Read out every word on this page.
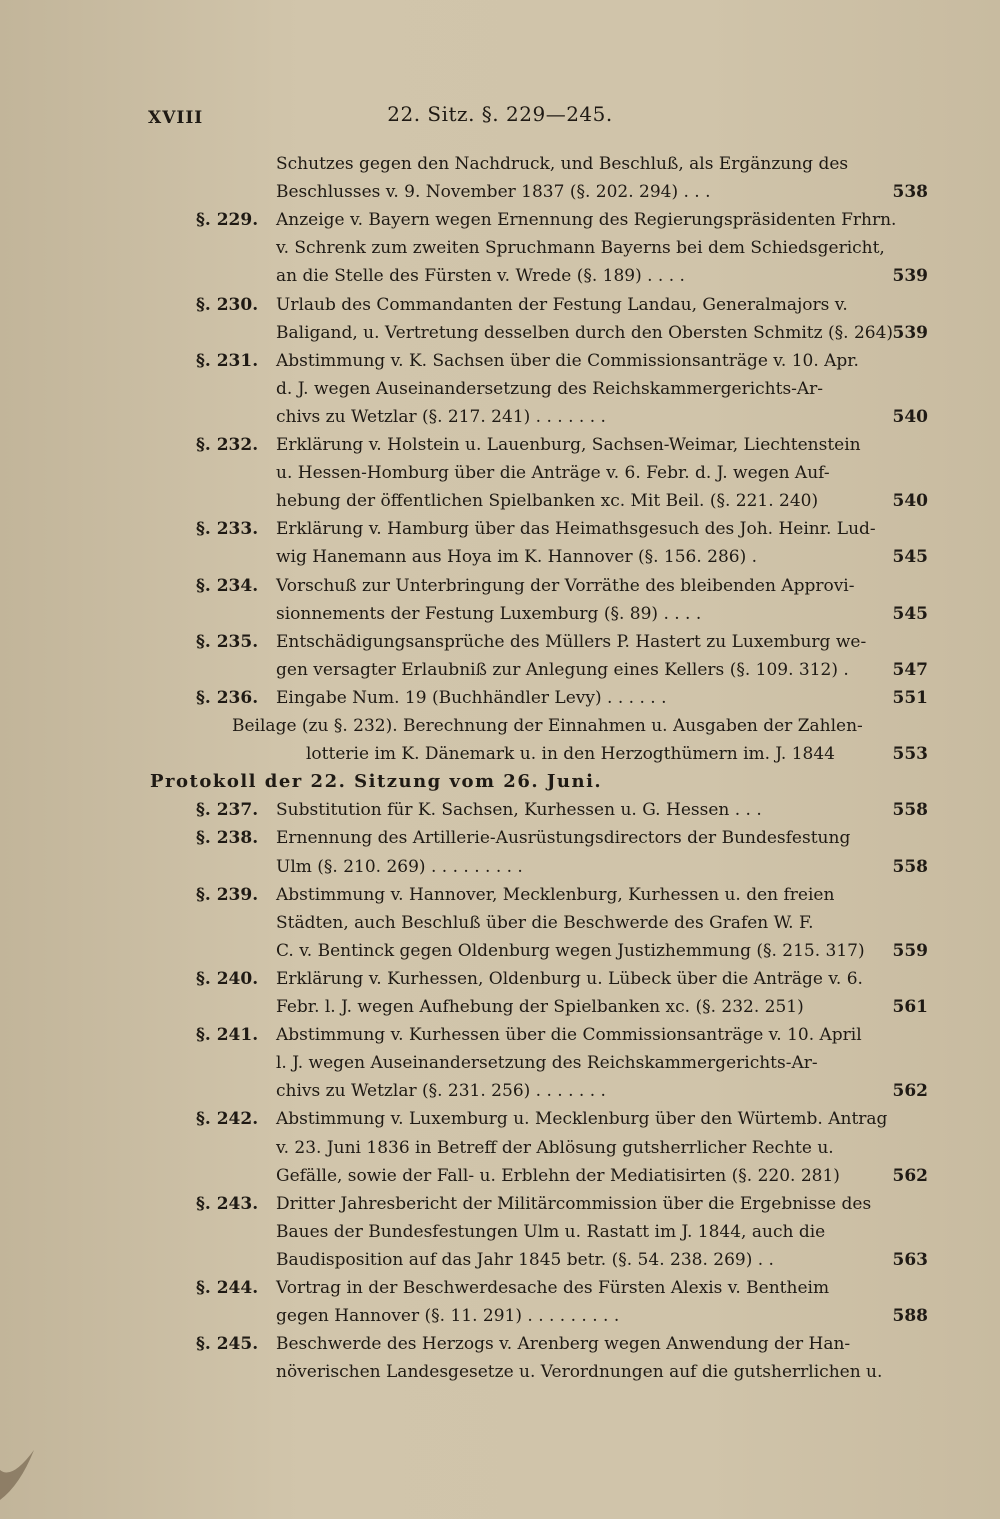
XVIII	22. Sitz. §. 229—245.
Schutzes gegen den Nachdruck, und Beschluß, als Ergänzung des
Beschlusses v. 9. November 1837 (§. 202. 294) . . .	538
§. 229. Anzeige v. Bayern wegen Ernennung des Regierungspräsidenten Frhrn.
v. Schrenk zum zweiten Spruchmann Bayerns bei dem Schiedsgericht,
an die Stelle des Fürsten v. Wrede (§. 189) . . . .	539
§. 230. Urlaub des Commandanten der Festung Landau, Generalmajors v.
Baligand, u. Vertretung desselben durch den Obersten Schmitz (§. 264) 539
§. 231. Abstimmung v. K. Sachsen über die Commissionsanträge v. 10. Apr.
d. J. wegen Auseinandersetzung des Reichskammergerichts-Ar-
chivs zu Wetzlar (§. 217. 241) . . . . . . .	540
§. 232. Erklärung v. Holstein u. Lauenburg, Sachsen-Weimar, Liechtenstein
u. Hessen-Homburg über die Anträge v. 6. Febr. d. J. wegen Auf-
hebung der öffentlichen Spielbanken xc. Mit Beil. (§. 221. 240)	540
§. 233. Erklärung v. Hamburg über das Heimathsgesuch des Joh. Heinr. Lud-
wig Hanemann aus Hoya im K. Hannover (§. 156. 286) .	545
§. 234. Vorschuß zur Unterbringung der Vorräthe des bleibenden Approvi-
sionnements der Festung Luxemburg (§. 89) . . . .	545
§. 235. Entschädigungsansprüche des Müllers P. Hastert zu Luxemburg we-
gen versagter Erlaubniß zur Anlegung eines Kellers (§. 109. 312) .	547
§. 236. Eingabe Num. 19 (Buchhändler Levy) . . . . . .	551
Beilage (zu §. 232). Berechnung der Einnahmen u. Ausgaben der Zahlen-
lotterie im K. Dänemark u. in den Herzogthümern im. J. 1844	553
Protokoll der 22. Sitzung vom 26. Juni.
§. 237. Substitution für K. Sachsen, Kurhessen u. G. Hessen . . .	558
§. 238. Ernennung des Artillerie-Ausrüstungsdirectors der Bundesfestung
Ulm (§. 210. 269) . . . . . . . . .	558
§. 239. Abstimmung v. Hannover, Mecklenburg, Kurhessen u. den freien
Städten, auch Beschluß über die Beschwerde des Grafen W. F.
C. v. Bentinck gegen Oldenburg wegen Justizhemmung (§. 215. 317)	559
§. 240. Erklärung v. Kurhessen, Oldenburg u. Lübeck über die Anträge v. 6.
Febr. l. J. wegen Aufhebung der Spielbanken xc. (§. 232. 251)	561
§. 241. Abstimmung v. Kurhessen über die Commissionsanträge v. 10. April
l. J. wegen Auseinandersetzung des Reichskammergerichts-Ar-
chivs zu Wetzlar (§. 231. 256) . . . . . . .	562
§. 242. Abstimmung v. Luxemburg u. Mecklenburg über den Würtemb. Antrag
v. 23. Juni 1836 in Betreff der Ablösung gutsherrlicher Rechte u.
Gefälle, sowie der Fall- u. Erblehn der Mediatisirten (§. 220. 281)	562
§. 243. Dritter Jahresbericht der Militärcommission über die Ergebnisse des
Baues der Bundesfestungen Ulm u. Rastatt im J. 1844, auch die
Baudisposition auf das Jahr 1845 betr. (§. 54. 238. 269) . .	563
§. 244. Vortrag in der Beschwerdesache des Fürsten Alexis v. Bentheim
gegen Hannover (§. 11. 291) . . . . . . . . .	588
§. 245. Beschwerde des Herzogs v. Arenberg wegen Anwendung der Han-
növerischen Landesgesetze u. Verordnungen auf die gutsherrlichen u.
